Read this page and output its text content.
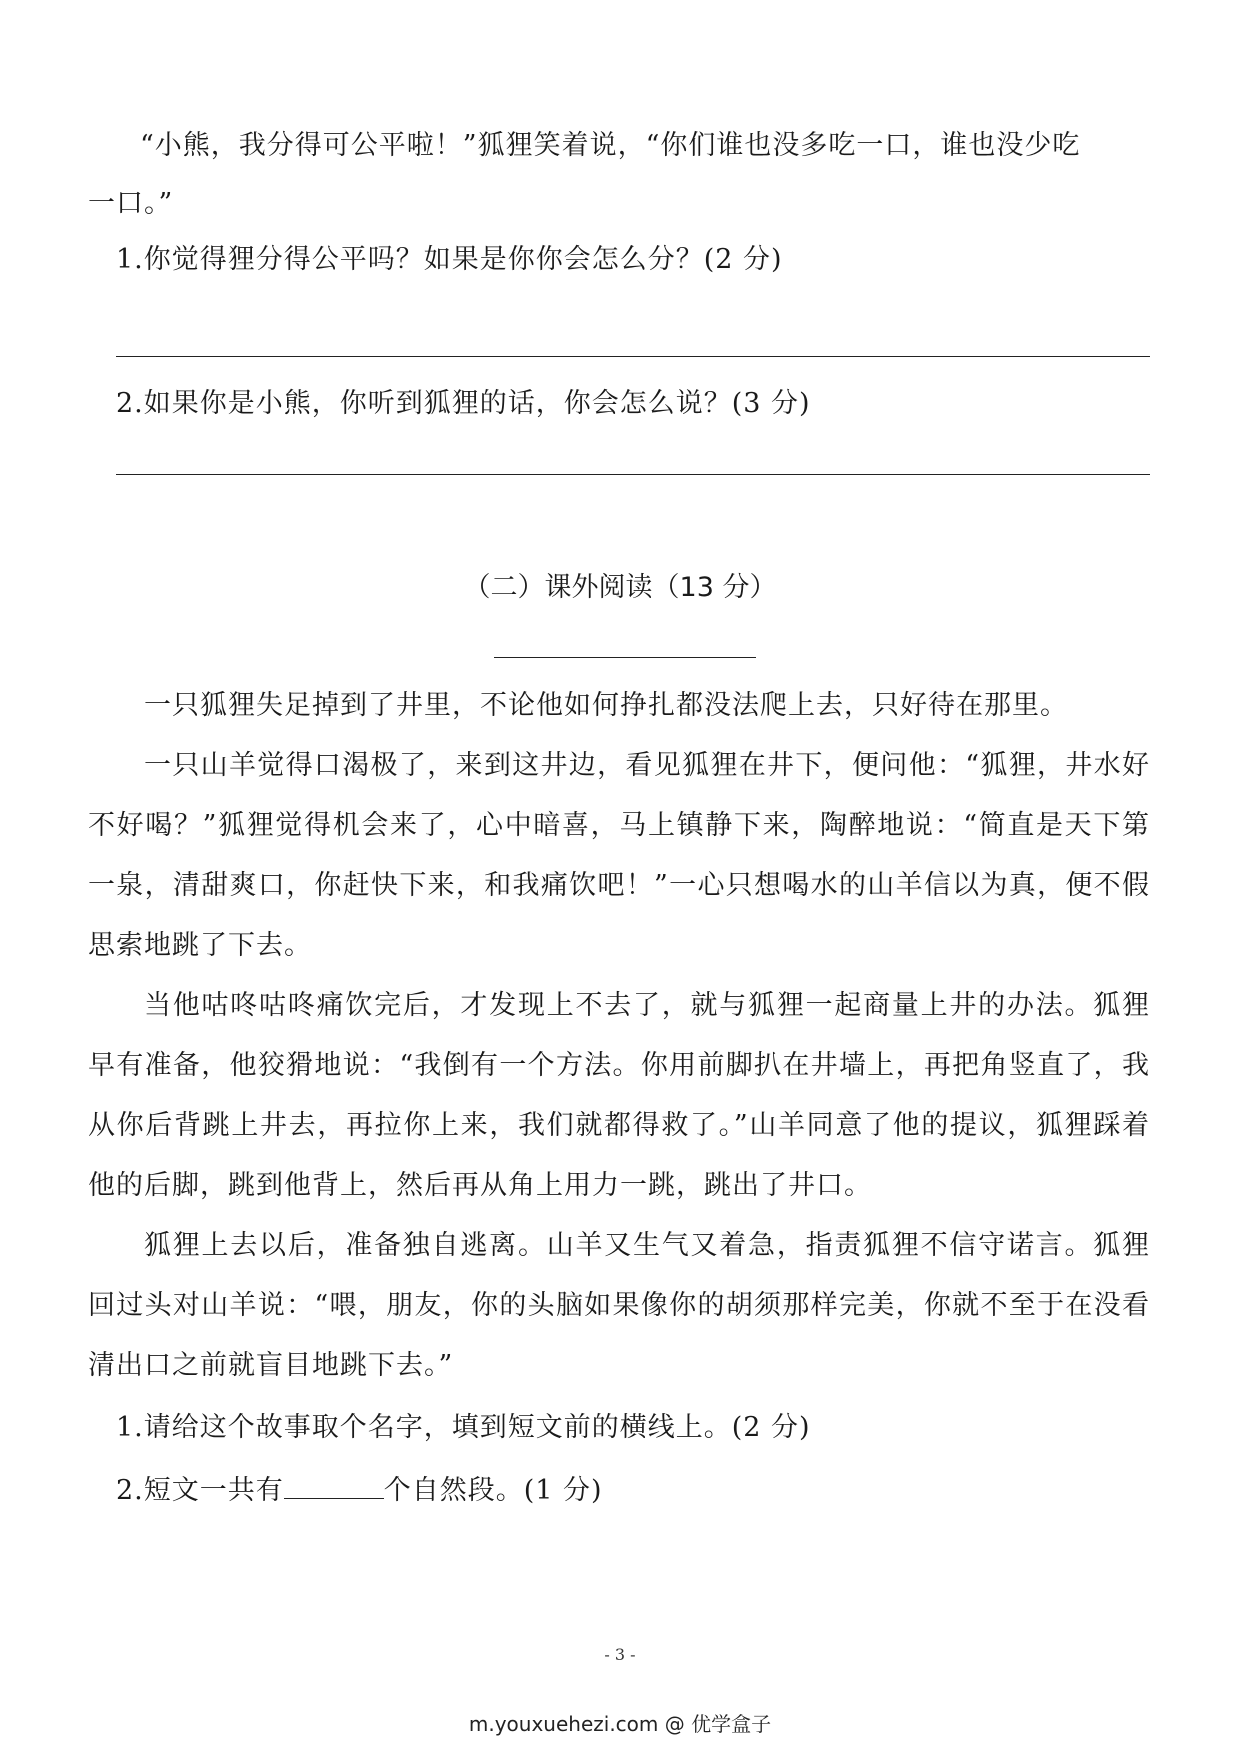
“小熊，我分得可公平啦！”狐狸笑着说，“你们谁也没多吃一口，谁也没少吃
一口。”
1.你觉得狸分得公平吗？如果是你你会怎么分？(2 分)
2.如果你是小熊，你听到狐狸的话，你会怎么说？(3 分)
（二）课外阅读（13 分）

一只狐狸失足掉到了井里，不论他如何挣扎都没法爬上去，只好待在那里。

一只山羊觉得口渴极了，来到这井边，看见狐狸在井下，便问他：“狐狸，井水好不好喝？”狐狸觉得机会来了，心中暗喜，马上镇静下来，陶醉地说：“简直是天下第一泉，清甜爽口，你赶快下来，和我痛饮吧！”一心只想喝水的山羊信以为真，便不假思索地跳了下去。

当他咕咚咕咚痛饮完后，才发现上不去了，就与狐狸一起商量上井的办法。狐狸早有准备，他狡猾地说：“我倒有一个方法。你用前脚扒在井墙上，再把角竖直了，我从你后背跳上井去，再拉你上来，我们就都得救了。”山羊同意了他的提议，狐狸踩着他的后脚，跳到他背上，然后再从角上用力一跳，跳出了井口。

狐狸上去以后，准备独自逃离。山羊又生气又着急，指责狐狸不信守诺言。狐狸回过头对山羊说：“喂，朋友，你的头脑如果像你的胡须那样完美，你就不至于在没看清出口之前就盲目地跳下去。”

1.请给这个故事取个名字，填到短文前的横线上。(2 分)
2.短文一共有	个自然段。(1 分)
- 3 -
m.youxuehezi.com @ 优学盒子
